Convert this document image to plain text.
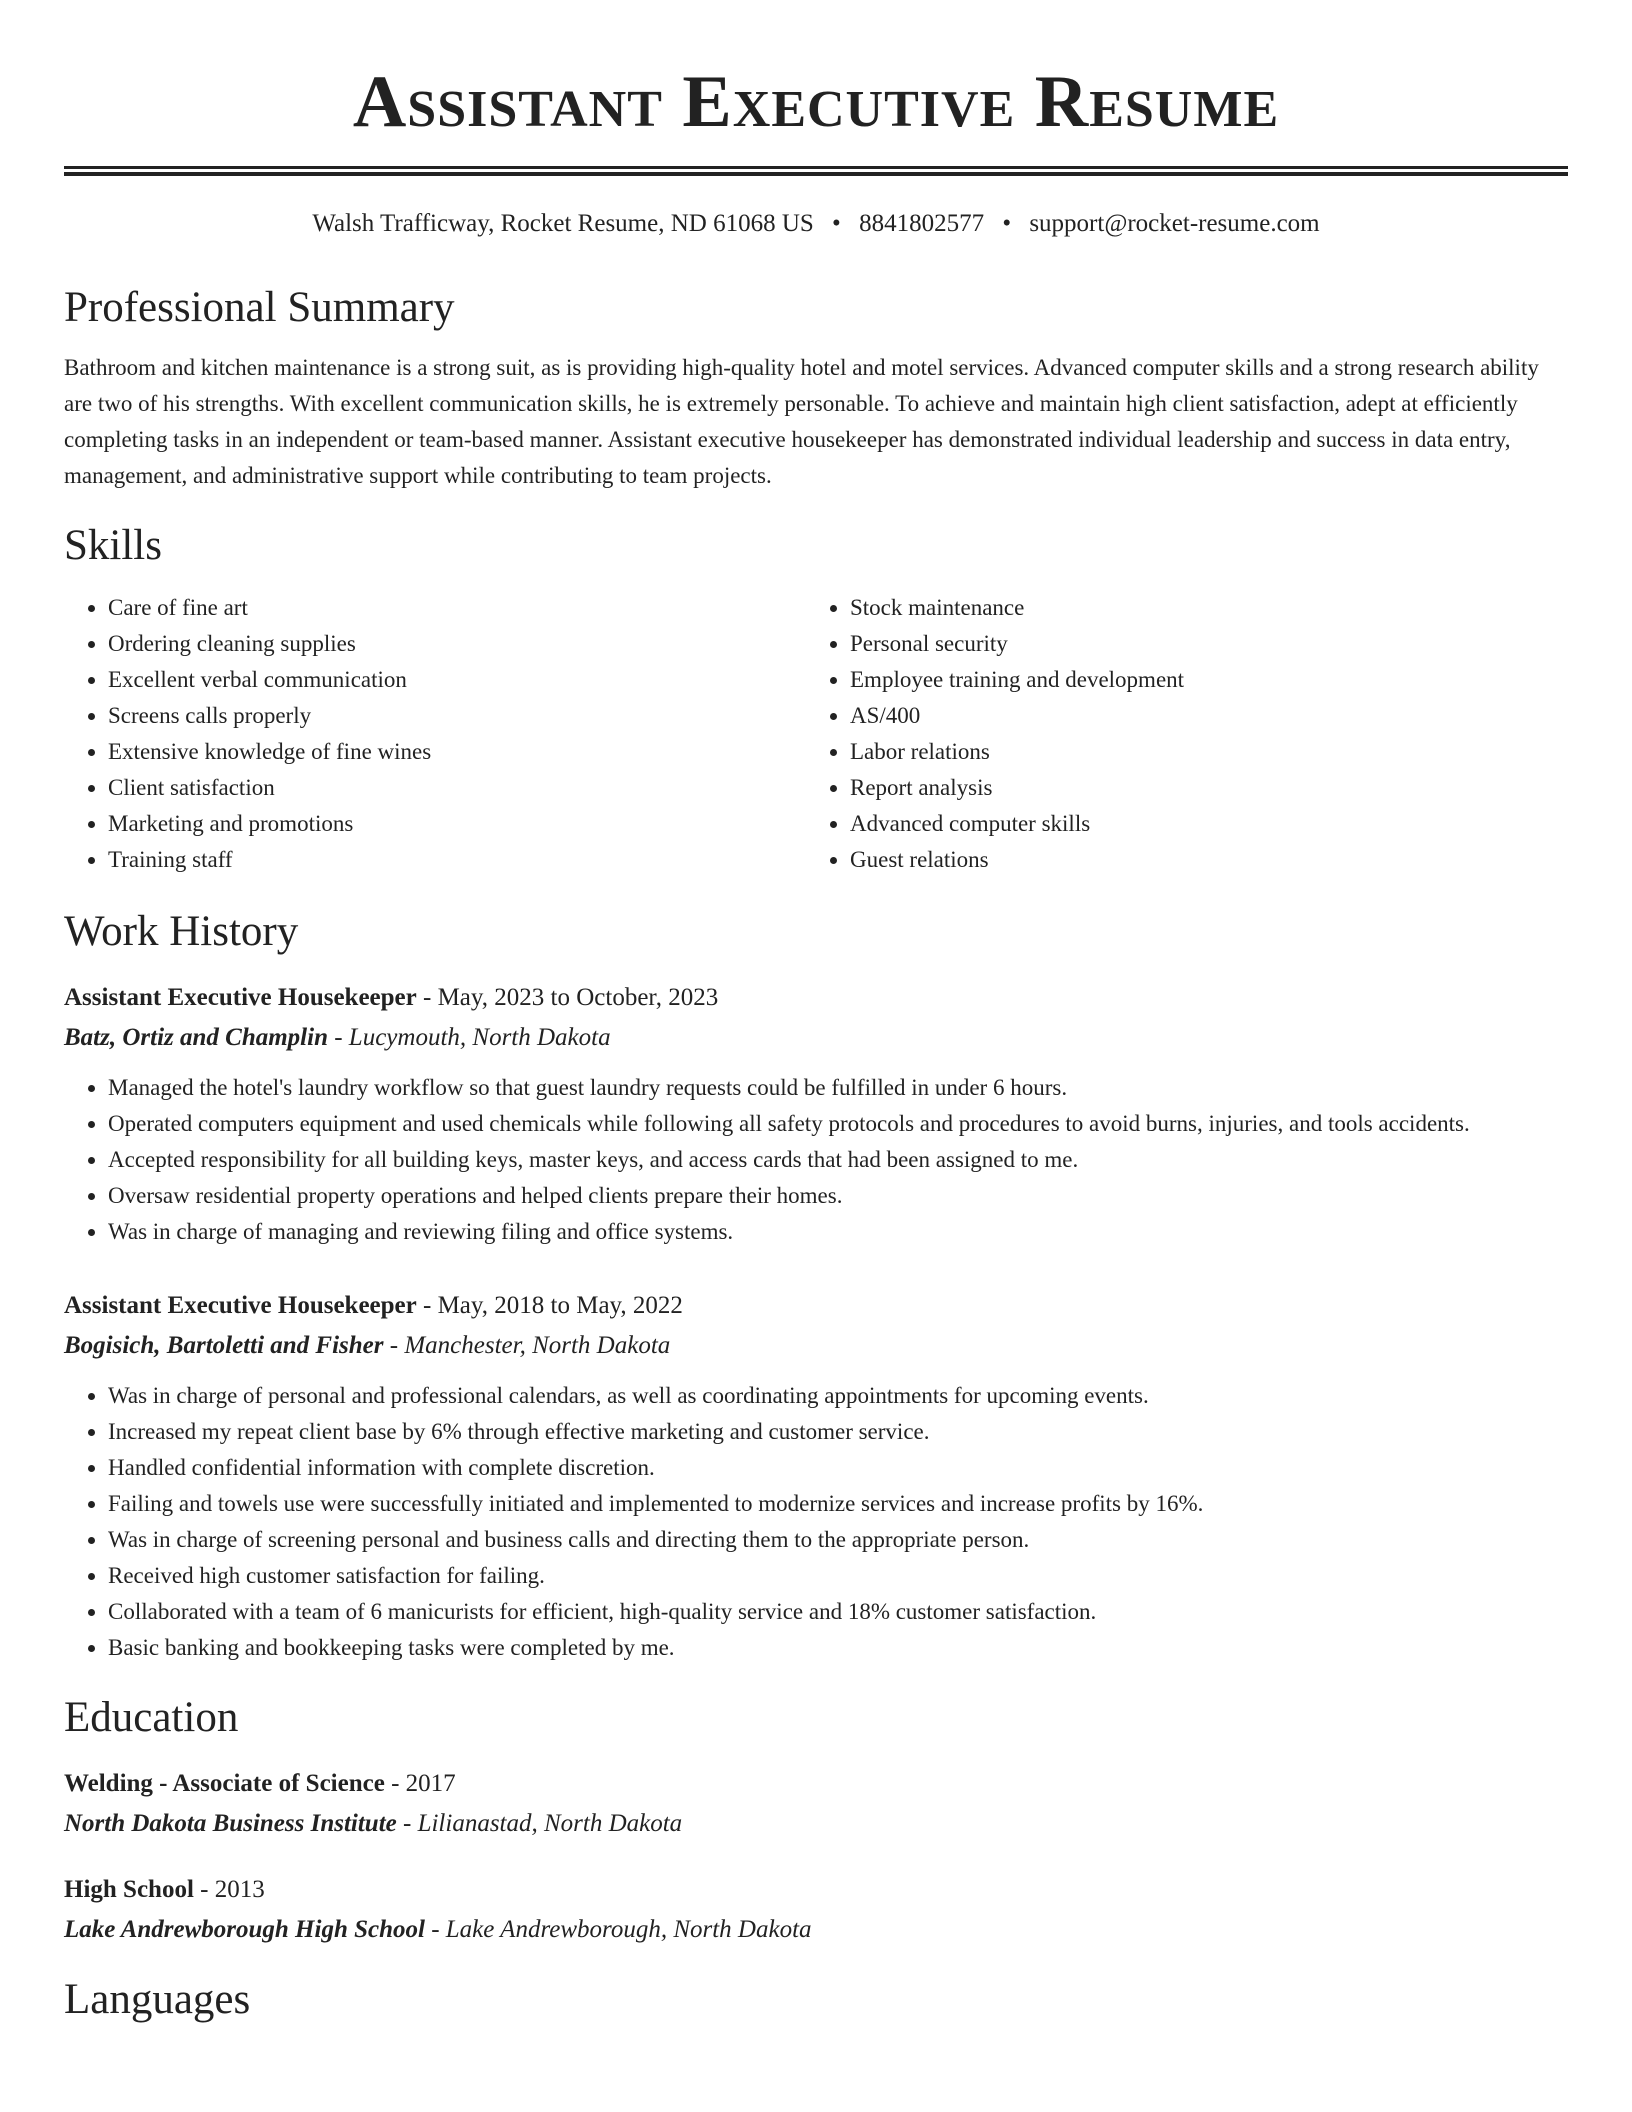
Assistant Executive Resume
Walsh Trafficway, Rocket Resume, ND 61068 US • 8841802577 • support@rocket-resume.com
Professional Summary
Bathroom and kitchen maintenance is a strong suit, as is providing high-quality hotel and motel services. Advanced computer skills and a strong research ability are two of his strengths. With excellent communication skills, he is extremely personable. To achieve and maintain high client satisfaction, adept at efficiently completing tasks in an independent or team-based manner. Assistant executive housekeeper has demonstrated individual leadership and success in data entry, management, and administrative support while contributing to team projects.
Skills
• Care of fine art
• Ordering cleaning supplies
• Excellent verbal communication
• Screens calls properly
• Extensive knowledge of fine wines
• Client satisfaction
• Marketing and promotions
• Training staff
• Stock maintenance
• Personal security
• Employee training and development
• AS/400
• Labor relations
• Report analysis
• Advanced computer skills
• Guest relations
Work History
Assistant Executive Housekeeper - May, 2023 to October, 2023
Batz, Ortiz and Champlin - Lucymouth, North Dakota
• Managed the hotel's laundry workflow so that guest laundry requests could be fulfilled in under 6 hours.
• Operated computers equipment and used chemicals while following all safety protocols and procedures to avoid burns, injuries, and tools accidents.
• Accepted responsibility for all building keys, master keys, and access cards that had been assigned to me.
• Oversaw residential property operations and helped clients prepare their homes.
• Was in charge of managing and reviewing filing and office systems.
Assistant Executive Housekeeper - May, 2018 to May, 2022
Bogisich, Bartoletti and Fisher - Manchester, North Dakota
• Was in charge of personal and professional calendars, as well as coordinating appointments for upcoming events.
• Increased my repeat client base by 6% through effective marketing and customer service.
• Handled confidential information with complete discretion.
• Failing and towels use were successfully initiated and implemented to modernize services and increase profits by 16%.
• Was in charge of screening personal and business calls and directing them to the appropriate person.
• Received high customer satisfaction for failing.
• Collaborated with a team of 6 manicurists for efficient, high-quality service and 18% customer satisfaction.
• Basic banking and bookkeeping tasks were completed by me.
Education
Welding - Associate of Science - 2017
North Dakota Business Institute - Lilianastad, North Dakota
High School - 2013
Lake Andrewborough High School - Lake Andrewborough, North Dakota
Languages
